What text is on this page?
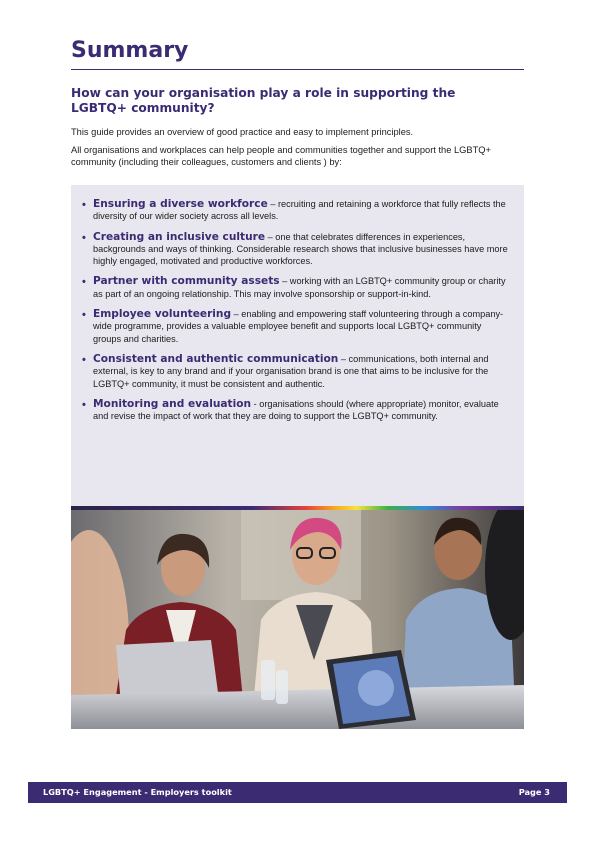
Summary
How can your organisation play a role in supporting the LGBTQ+ community?

This guide provides an overview of good practice and easy to implement principles.

All organisations and workplaces can help people and communities together and support the LGBTQ+ community (including their colleagues, customers and clients ) by:

• Ensuring a diverse workforce – recruiting and retaining a workforce that fully reflects the diversity of our wider society across all levels.
• Creating an inclusive culture – one that celebrates differences in experiences, backgrounds and ways of thinking. Considerable research shows that inclusive businesses have more highly engaged, motivated and productive workforces.
• Partner with community assets – working with an LGBTQ+ community group or charity as part of an ongoing relationship. This may involve sponsorship or support-in-kind.
• Employee volunteering – enabling and empowering staff volunteering through a company-wide programme, provides a valuable employee benefit and supports local LGBTQ+ community groups and charities.
• Consistent and authentic communication – communications, both internal and external, is key to any brand and if your organisation brand is one that aims to be inclusive for the LGBTQ+ community, it must be consistent and authentic.
• Monitoring and evaluation - organisations should (where appropriate) monitor, evaluate and revise the impact of work that they are doing to support the LGBTQ+ community.
LGBTQ+ Engagement - Employers toolkit	Page 3
